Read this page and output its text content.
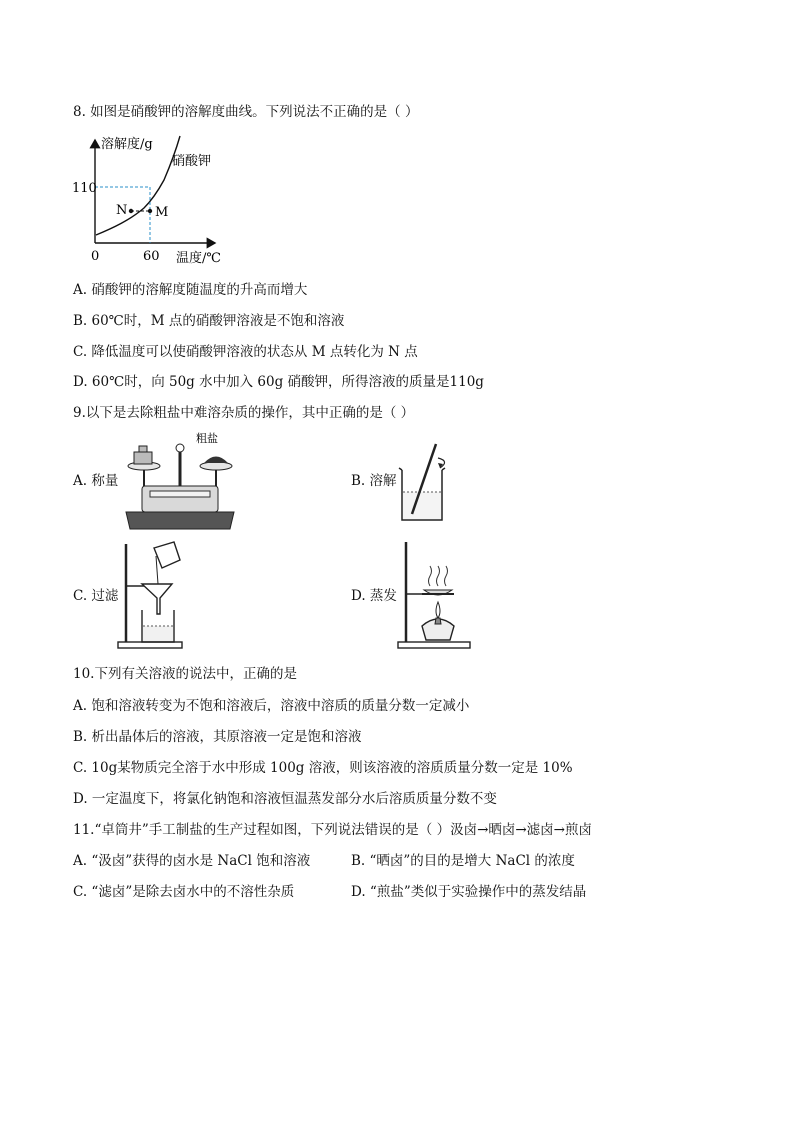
8. 如图是硝酸钾的溶解度曲线。下列说法不正确的是（ ）
溶解度/g
硝酸钾
110
N M
0	60 温度/℃
A. 硝酸钾的溶解度随温度的升高而增大
B. 60℃时，M 点的硝酸钾溶液是不饱和溶液
C. 降低温度可以使硝酸钾溶液的状态从 M 点转化为 N 点
D. 60℃时，向 50g 水中加入 60g 硝酸钾，所得溶液的质量是110g
9.以下是去除粗盐中难溶杂质的操作，其中正确的是（ ）
A. 称量
粗盐
B. 溶解
C. 过滤	D. 蒸发
10.下列有关溶液的说法中，正确的是
A. 饱和溶液转变为不饱和溶液后，溶液中溶质的质量分数一定减小
B. 析出晶体后的溶液，其原溶液一定是饱和溶液
C. 10g某物质完全溶于水中形成 100g 溶液，则该溶液的溶质质量分数一定是 10%
D. 一定温度下，将氯化钠饱和溶液恒温蒸发部分水后溶质质量分数不变
11.“卓筒井”手工制盐的生产过程如图，下列说法错误的是（ ）汲卤→晒卤→滤卤→煎卤
A. “汲卤”获得的卤水是 NaCl 饱和溶液	B. “晒卤”的目的是增大 NaCl 的浓度
C. “滤卤”是除去卤水中的不溶性杂质	D. “煎盐”类似于实验操作中的蒸发结晶
